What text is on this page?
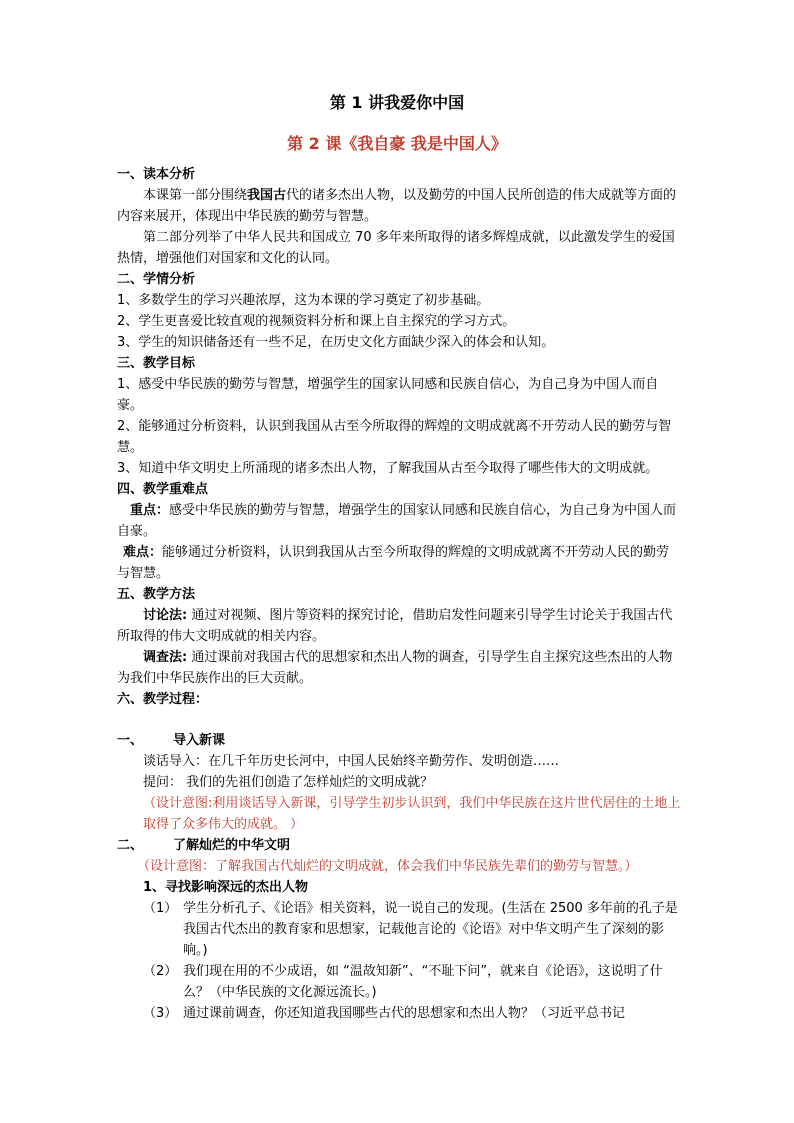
第 1 讲我爱你中国
第 2 课《我自豪 我是中国人》

一、读本分析

本课第一部分围绕我国古代的诸多杰出人物，以及勤劳的中国人民所创造的伟大成就等方面的内容来展开，体现出中华民族的勤劳与智慧。

第二部分列举了中华人民共和国成立 70 多年来所取得的诸多辉煌成就，以此激发学生的爱国热情，增强他们对国家和文化的认同。

二、学情分析

1、多数学生的学习兴趣浓厚，这为本课的学习奠定了初步基础。

2、学生更喜爱比较直观的视频资料分析和课上自主探究的学习方式。

3、学生的知识储备还有一些不足，在历史文化方面缺少深入的体会和认知。

三、教学目标

1、感受中华民族的勤劳与智慧，增强学生的国家认同感和民族自信心，为自己身为中国人而自豪。

2、能够通过分析资料，认识到我国从古至今所取得的辉煌的文明成就离不开劳动人民的勤劳与智慧。

3、知道中华文明史上所涌现的诸多杰出人物，了解我国从古至今取得了哪些伟大的文明成就。

四、教学重难点

重点：感受中华民族的勤劳与智慧，增强学生的国家认同感和民族自信心，为自己身为中国人而自豪。

难点：能够通过分析资料，认识到我国从古至今所取得的辉煌的文明成就离不开劳动人民的勤劳与智慧。

五、教学方法

讨论法: 通过对视频、图片等资料的探究讨论，借助启发性问题来引导学生讨论关于我国古代所取得的伟大文明成就的相关内容。

调查法: 通过课前对我国古代的思想家和杰出人物的调查，引导学生自主探究这些杰出的人物为我们中华民族作出的巨大贡献。

六、教学过程：

一、	导入新课

谈话导入：在几千年历史长河中，中国人民始终辛勤劳作、发明创造……

提问： 我们的先祖们创造了怎样灿烂的文明成就？

（设计意图:利用谈话导入新课，引导学生初步认识到，我们中华民族在这片世代居住的土地上取得了众多伟大的成就。 ）

二、	了解灿烂的中华文明

（设计意图：了解我国古代灿烂的文明成就，体会我们中华民族先辈们的勤劳与智慧。）

1、寻找影响深远的杰出人物

（1） 学生分析孔子、《论语》相关资料，说一说自己的发现。(生活在 2500 多年前的孔子是我国古代杰出的教育家和思想家，记载他言论的《论语》对中华文明产生了深刻的影响。)
（2） 我们现在用的不少成语，如 “温故知新”、“不耻下问”，就来自《论语》，这说明了什么？（中华民族的文化源远流长。)
（3） 通过课前调查，你还知道我国哪些古代的思想家和杰出人物？（习近平总书记
